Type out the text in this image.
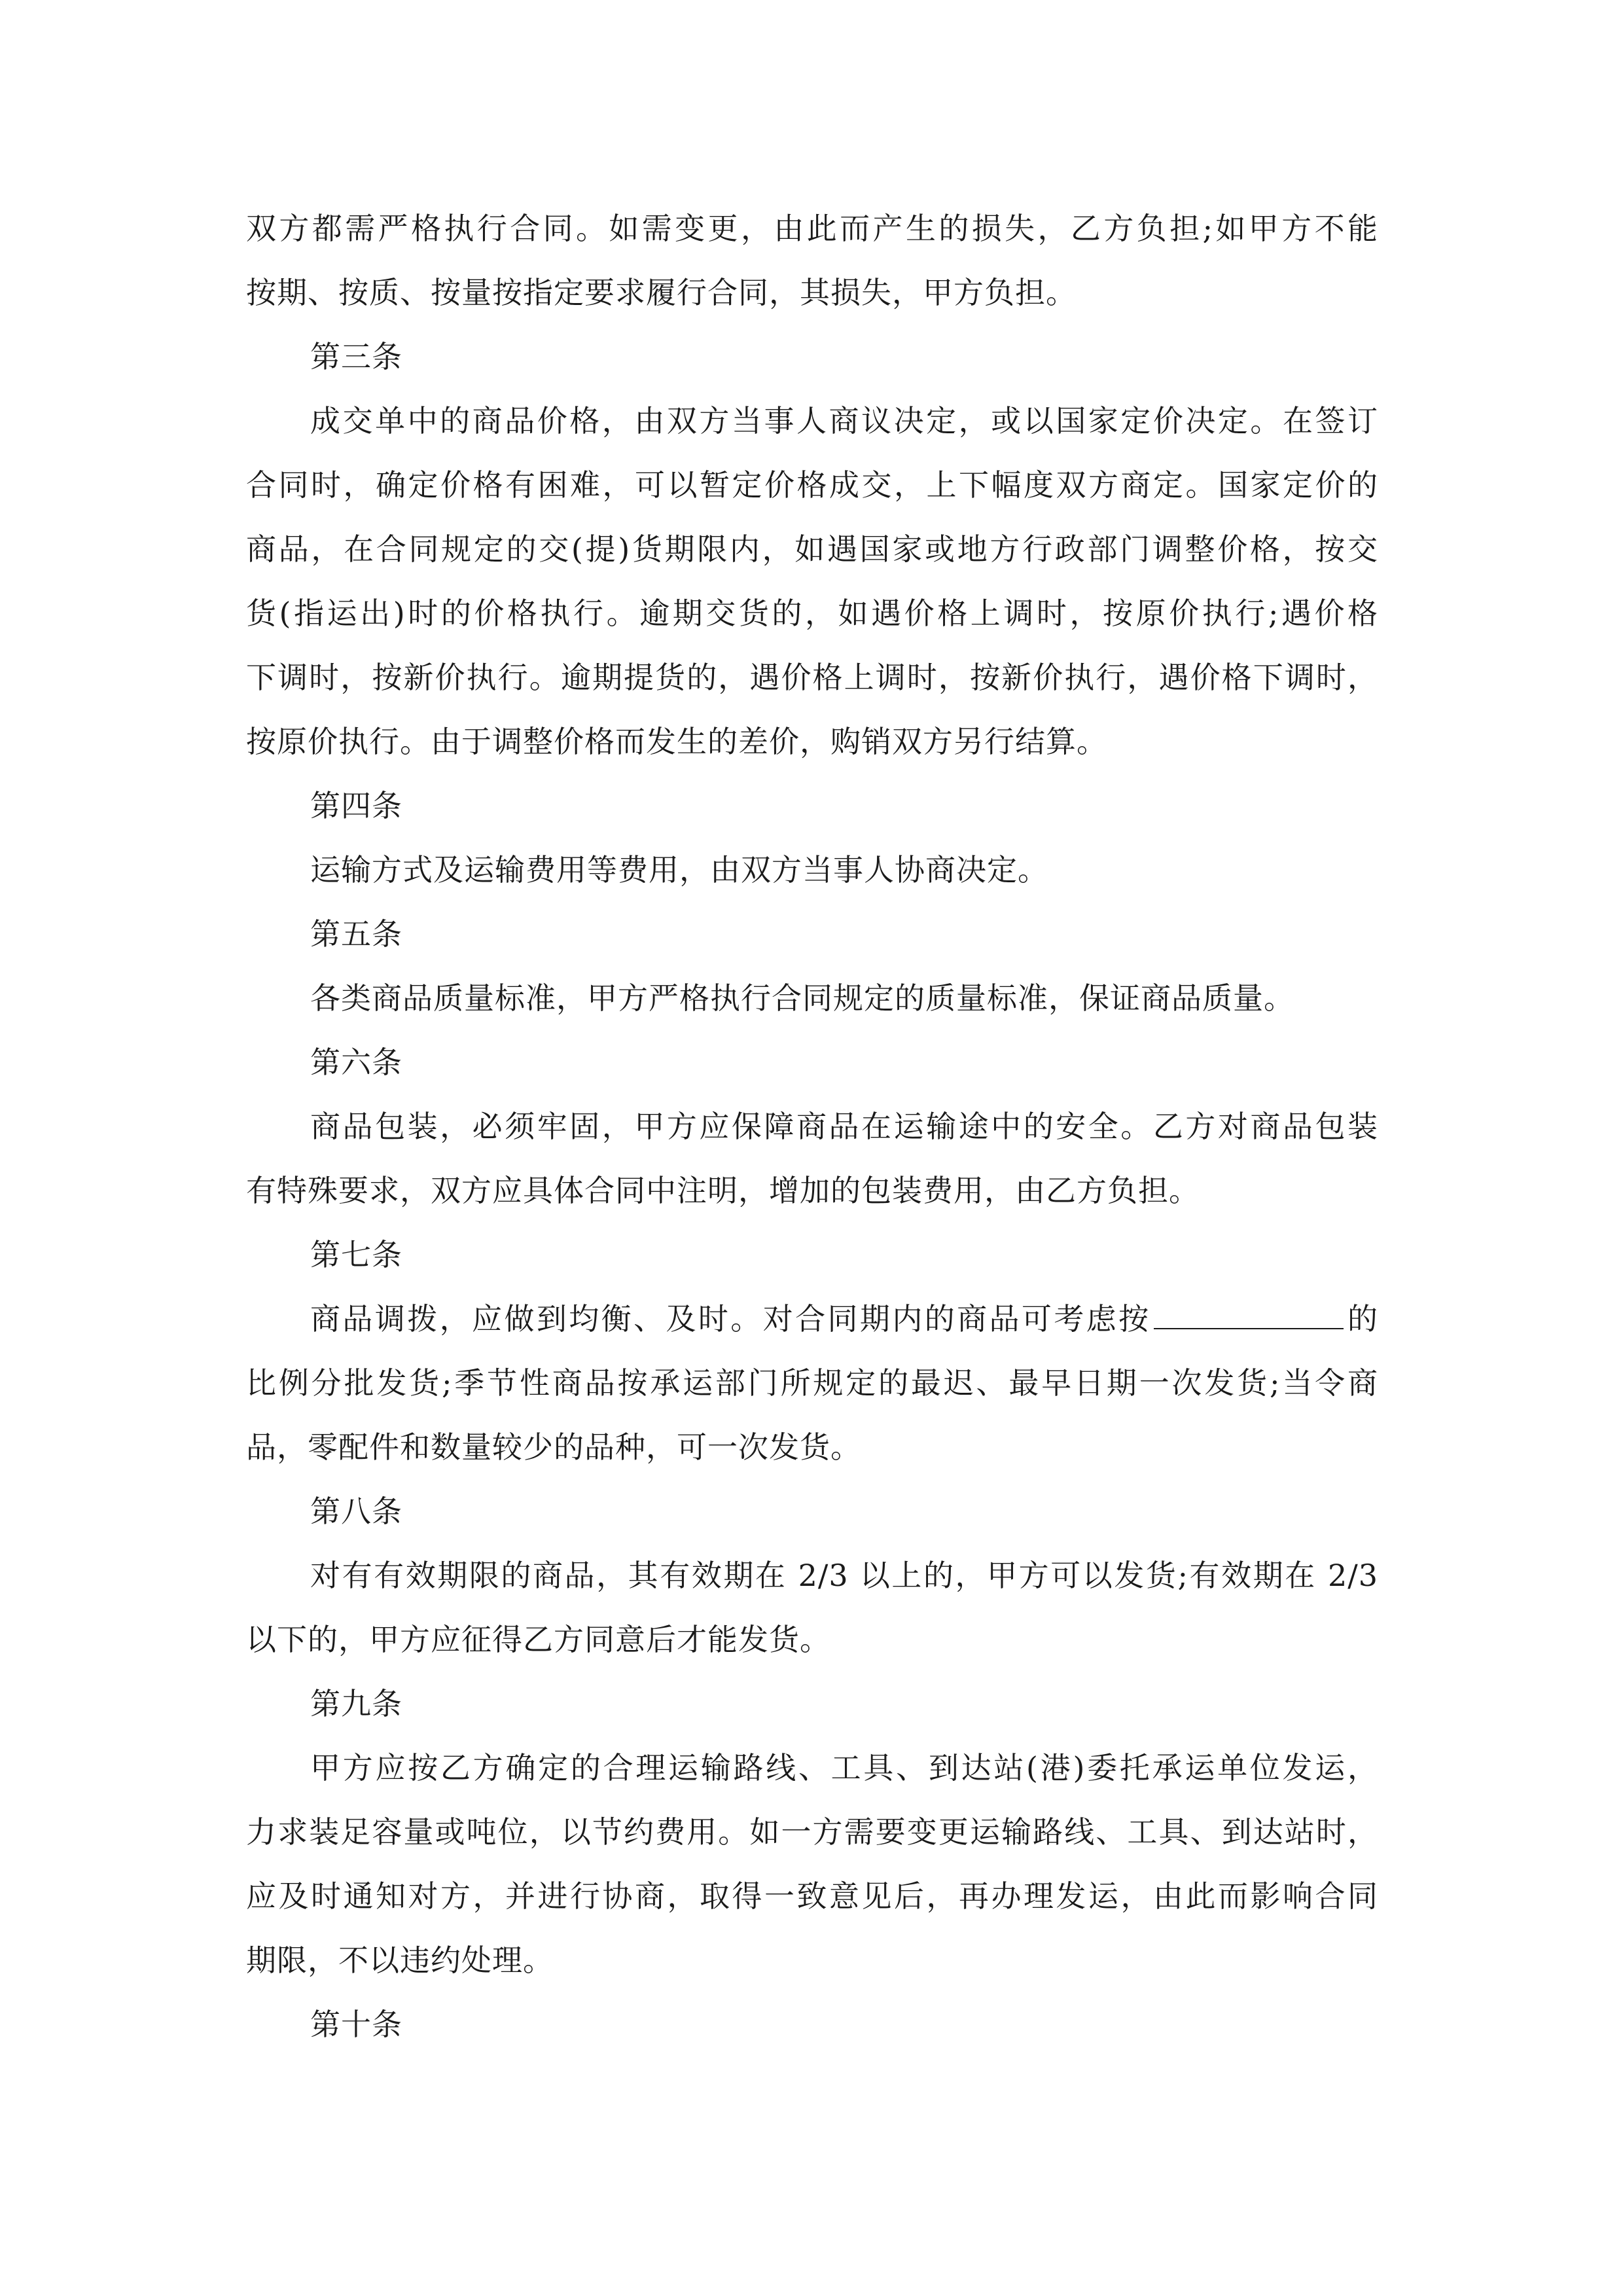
双方都需严格执行合同。如需变更，由此而产生的损失，乙方负担;如甲方不能
按期、按质、按量按指定要求履行合同，其损失，甲方负担。
第三条
成交单中的商品价格，由双方当事人商议决定，或以国家定价决定。在签订
合同时，确定价格有困难，可以暂定价格成交，上下幅度双方商定。国家定价的
商品，在合同规定的交(提)货期限内，如遇国家或地方行政部门调整价格，按交
货(指运出)时的价格执行。逾期交货的，如遇价格上调时，按原价执行;遇价格
下调时，按新价执行。逾期提货的，遇价格上调时，按新价执行，遇价格下调时，
按原价执行。由于调整价格而发生的差价，购销双方另行结算。
第四条
运输方式及运输费用等费用，由双方当事人协商决定。
第五条
各类商品质量标准，甲方严格执行合同规定的质量标准，保证商品质量。
第六条
商品包装，必须牢固，甲方应保障商品在运输途中的安全。乙方对商品包装
有特殊要求，双方应具体合同中注明，增加的包装费用，由乙方负担。
第七条
商品调拨，应做到均衡、及时。对合同期内的商品可考虑按	的
比例分批发货;季节性商品按承运部门所规定的最迟、最早日期一次发货;当令商
品，零配件和数量较少的品种，可一次发货。
第八条
对有有效期限的商品，其有效期在 2/3 以上的，甲方可以发货;有效期在 2/3
以下的，甲方应征得乙方同意后才能发货。
第九条
甲方应按乙方确定的合理运输路线、工具、到达站(港)委托承运单位发运，
力求装足容量或吨位，以节约费用。如一方需要变更运输路线、工具、到达站时，
应及时通知对方，并进行协商，取得一致意见后，再办理发运，由此而影响合同
期限，不以违约处理。
第十条
